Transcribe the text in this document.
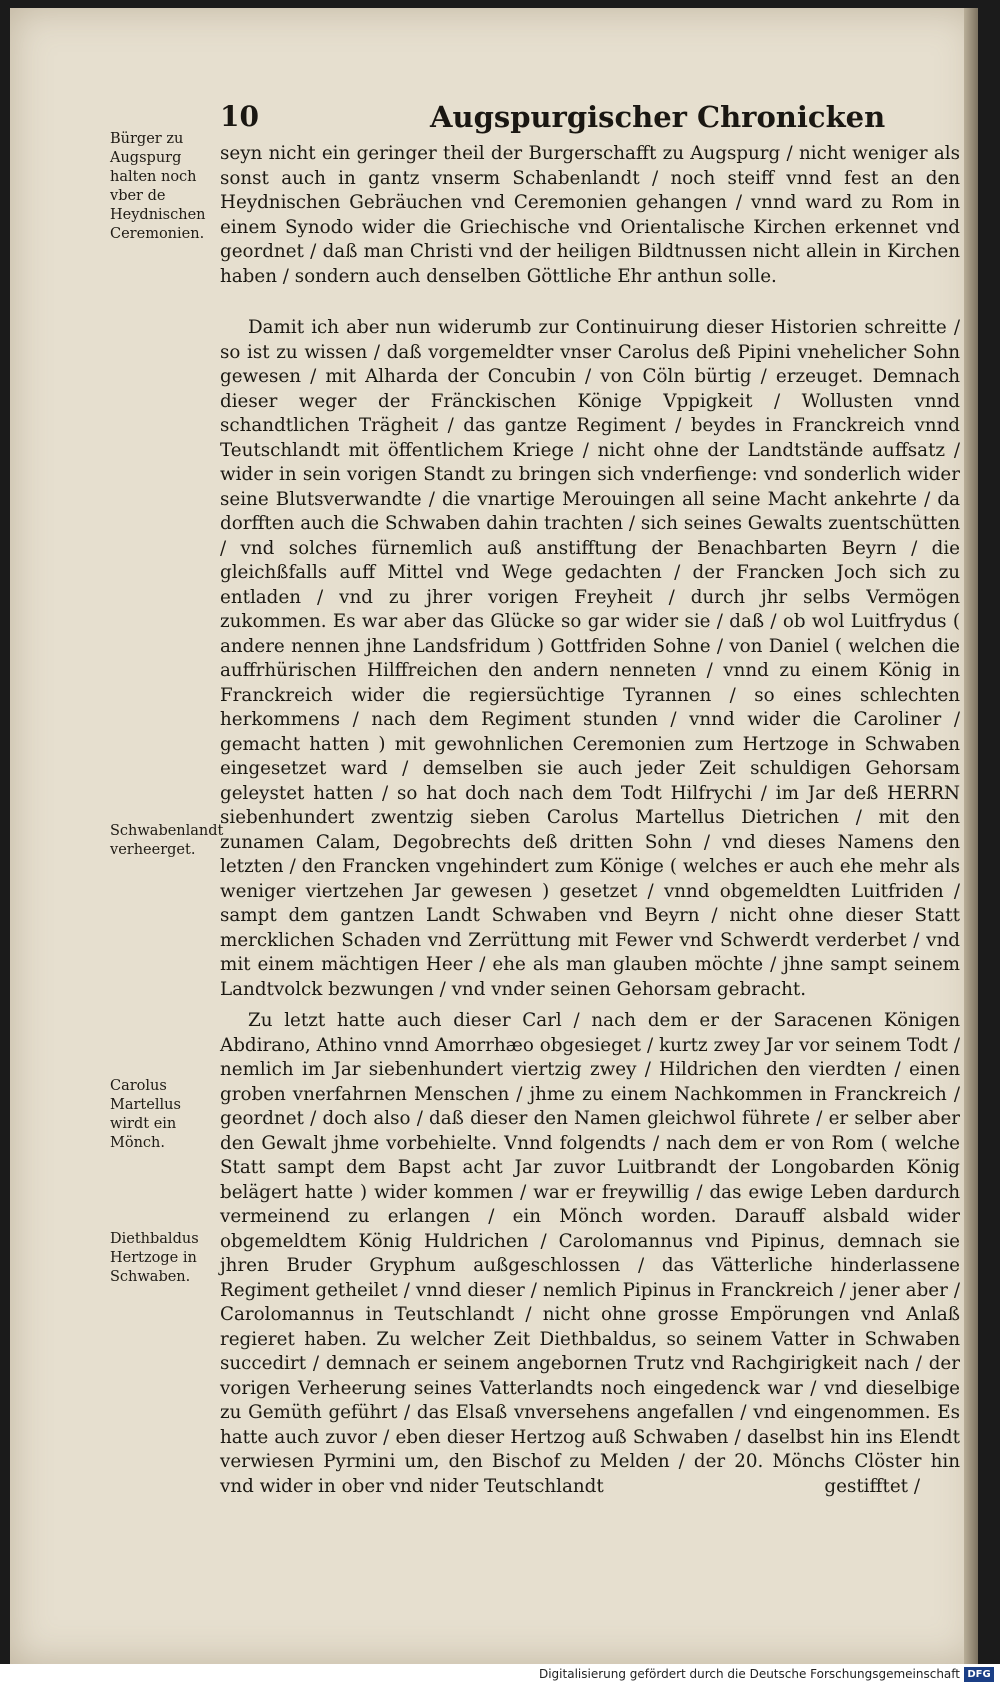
10	Augspurgischer Chronicken
Bürger zu Augspurg halten noch vber de Heydnischen Ceremonien.
Schwabenlandt verheerget.
Carolus Martellus wirdt ein Mönch.
Diethbaldus Hertzoge in Schwaben.
seyn nicht ein geringer theil der Burgerschafft zu Augspurg / nicht weniger als sonst auch in gantz vnserm Schabenlandt / noch steiff vnnd fest an den Heydnischen Gebräuchen vnd Ceremonien gehangen / vnnd ward zu Rom in einem Synodo wider die Griechische vnd Orientalische Kirchen erkennet vnd geordnet / daß man Christi vnd der heiligen Bildtnussen nicht allein in Kirchen haben / sondern auch denselben Göttliche Ehr anthun solle.
Damit ich aber nun widerumb zur Continuirung dieser Historien schreitte / so ist zu wissen / daß vorgemeldter vnser Carolus deß Pipini vnehelicher Sohn gewesen / mit Alharda der Concubin / von Cöln bürtig / erzeuget. Demnach dieser weger der Fränckischen Könige Vppigkeit / Wollusten vnnd schandtlichen Trägheit / das gantze Regiment / beydes in Franckreich vnnd Teutschlandt mit öffentlichem Kriege / nicht ohne der Landtstände auffsatz / wider in sein vorigen Standt zu bringen sich vnderfienge: vnd sonderlich wider seine Blutsverwandte / die vnartige Merouingen all seine Macht ankehrte / da dorfften auch die Schwaben dahin trachten / sich seines Gewalts zuentschütten / vnd solches fürnemlich auß anstifftung der Benachbarten Beyrn / die gleichßfalls auff Mittel vnd Wege gedachten / der Francken Joch sich zu entladen / vnd zu jhrer vorigen Freyheit / durch jhr selbs Vermögen zukommen. Es war aber das Glücke so gar wider sie / daß / ob wol Luitfrydus ( andere nennen jhne Landsfridum ) Gottfriden Sohne / von Daniel ( welchen die auffrhürischen Hilffreichen den andern nenneten / vnnd zu einem König in Franckreich wider die regiersüchtige Tyrannen / so eines schlechten herkommens / nach dem Regiment stunden / vnnd wider die Caroliner / gemacht hatten ) mit gewohnlichen Ceremonien zum Hertzoge in Schwaben eingesetzet ward / demselben sie auch jeder Zeit schuldigen Gehorsam geleystet hatten / so hat doch nach dem Todt Hilfrychi / im Jar deß HERRN siebenhundert zwentzig sieben Carolus Martellus Dietrichen / mit den zunamen Calam, Degobrechts deß dritten Sohn / vnd dieses Namens den letzten / den Francken vngehindert zum Könige ( welches er auch ehe mehr als weniger viertzehen Jar gewesen ) gesetzet / vnnd obgemeldten Luitfriden / sampt dem gantzen Landt Schwaben vnd Beyrn / nicht ohne dieser Statt mercklichen Schaden vnd Zerrüttung mit Fewer vnd Schwerdt verderbet / vnd mit einem mächtigen Heer / ehe als man glauben möchte / jhne sampt seinem Landtvolck bezwungen / vnd vnder seinen Gehorsam gebracht.
Zu letzt hatte auch dieser Carl / nach dem er der Saracenen Königen Abdirano, Athino vnnd Amorrhæo obgesieget / kurtz zwey Jar vor seinem Todt / nemlich im Jar siebenhundert viertzig zwey / Hildrichen den vierdten / einen groben vnerfahrnen Menschen / jhme zu einem Nachkommen in Franckreich / geordnet / doch also / daß dieser den Namen gleichwol führete / er selber aber den Gewalt jhme vorbehielte. Vnnd folgendts / nach dem er von Rom ( welche Statt sampt dem Bapst acht Jar zuvor Luitbrandt der Longobarden König belägert hatte ) wider kommen / war er freywillig / das ewige Leben dardurch vermeinend zu erlangen / ein Mönch worden. Darauff alsbald wider obgemeldtem König Huldrichen / Carolomannus vnd Pipinus, demnach sie jhren Bruder Gryphum außgeschlossen / das Vätterliche hinderlassene Regiment getheilet / vnnd dieser / nemlich Pipinus in Franckreich / jener aber / Carolomannus in Teutschlandt / nicht ohne grosse Empörungen vnd Anlaß regieret haben. Zu welcher Zeit Diethbaldus, so seinem Vatter in Schwaben succedirt / demnach er seinem angebornen Trutz vnd Rachgirigkeit nach / der vorigen Verheerung seines Vatterlandts noch eingedenck war / vnd dieselbige zu Gemüth geführt / das Elsaß vnversehens angefallen / vnd eingenommen. Es hatte auch zuvor / eben dieser Hertzog auß Schwaben / daselbst hin ins Elendt verwiesen Pyrmini um, den Bischof zu Melden / der 20. Mönchs Clöster hin vnd wider in ober vnd nider Teutschlandt	gestifftet /
Digitalisierung gefördert durch die Deutsche Forschungsgemeinschaft DFG
